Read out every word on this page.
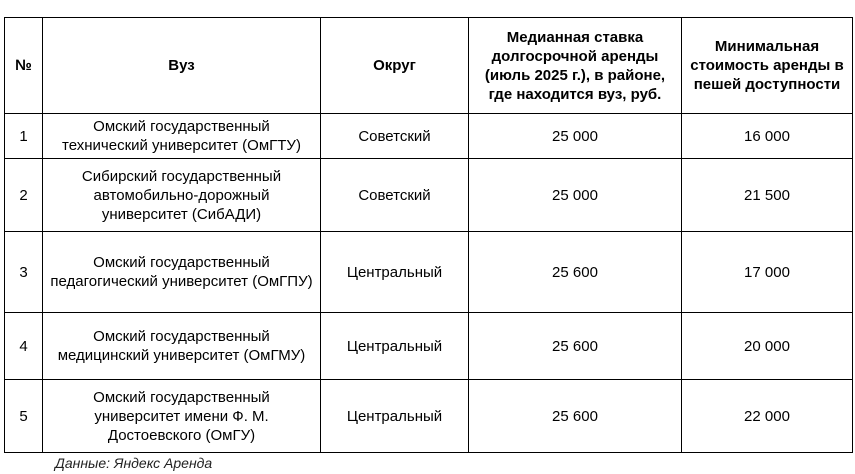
№	Вуз	Округ	Медианная ставка долгосрочной аренды (июль 2025 г.), в районе, где находится вуз, руб.	Минимальная стоимость аренды в пешей доступности
1	Омский государственный технический университет (ОмГТУ)	Советский	25 000	16 000
2	Сибирский государственный автомобильно-дорожный университет (СибАДИ)	Советский	25 000	21 500
3	Омский государственный педагогический университет (ОмГПУ)	Центральный	25 600	17 000
4	Омский государственный медицинский университет (ОмГМУ)	Центральный	25 600	20 000
5	Омский государственный университет имени Ф. М. Достоевского (ОмГУ)	Центральный	25 600	22 000
Данные: Яндекс Аренда
